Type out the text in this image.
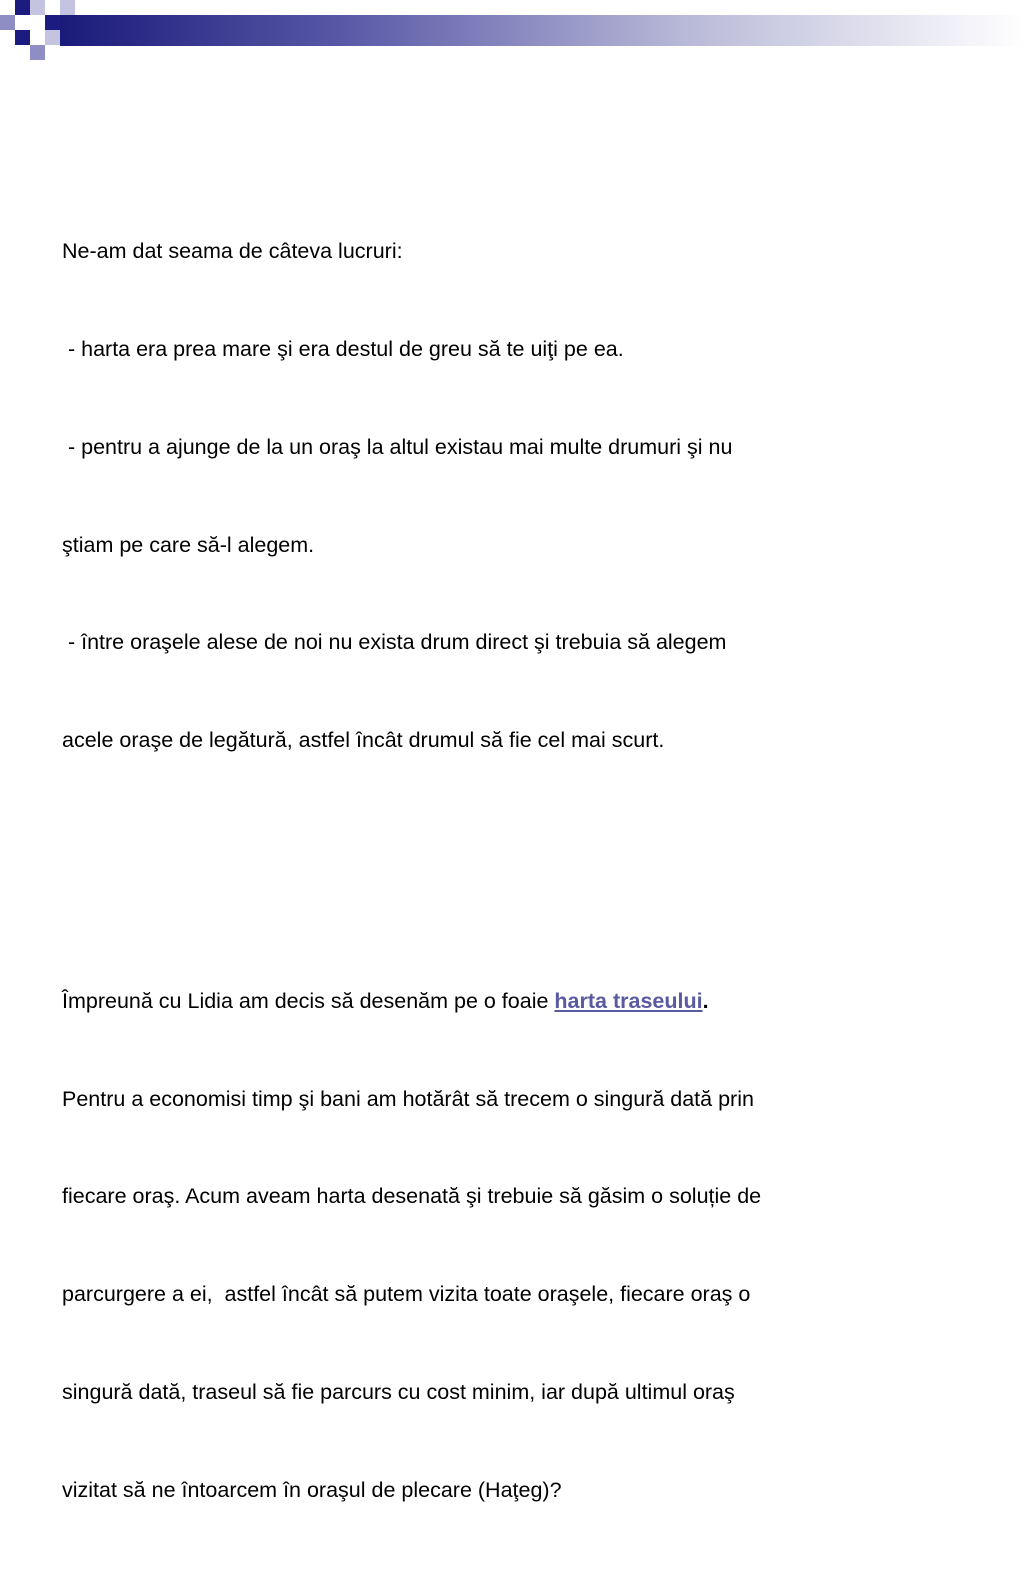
Ne-am dat seama de câteva lucruri:

- harta era prea mare şi era destul de greu să te uiţi pe ea.

- pentru a ajunge de la un oraş la altul existau mai multe drumuri şi nu

ştiam pe care să-l alegem.

- între oraşele alese de noi nu exista drum direct şi trebuia să alegem

acele oraşe de legătură, astfel încât drumul să fie cel mai scurt.

Împreună cu Lidia am decis să desenăm pe o foaie harta traseului.

Pentru a economisi timp şi bani am hotărât să trecem o singură dată prin

fiecare oraş. Acum aveam harta desenată şi trebuie să găsim o soluție de

parcurgere a ei,  astfel încât să putem vizita toate oraşele, fiecare oraş o

singură dată, traseul să fie parcurs cu cost minim, iar după ultimul oraş

vizitat să ne întoarcem în oraşul de plecare (Haţeg)?
